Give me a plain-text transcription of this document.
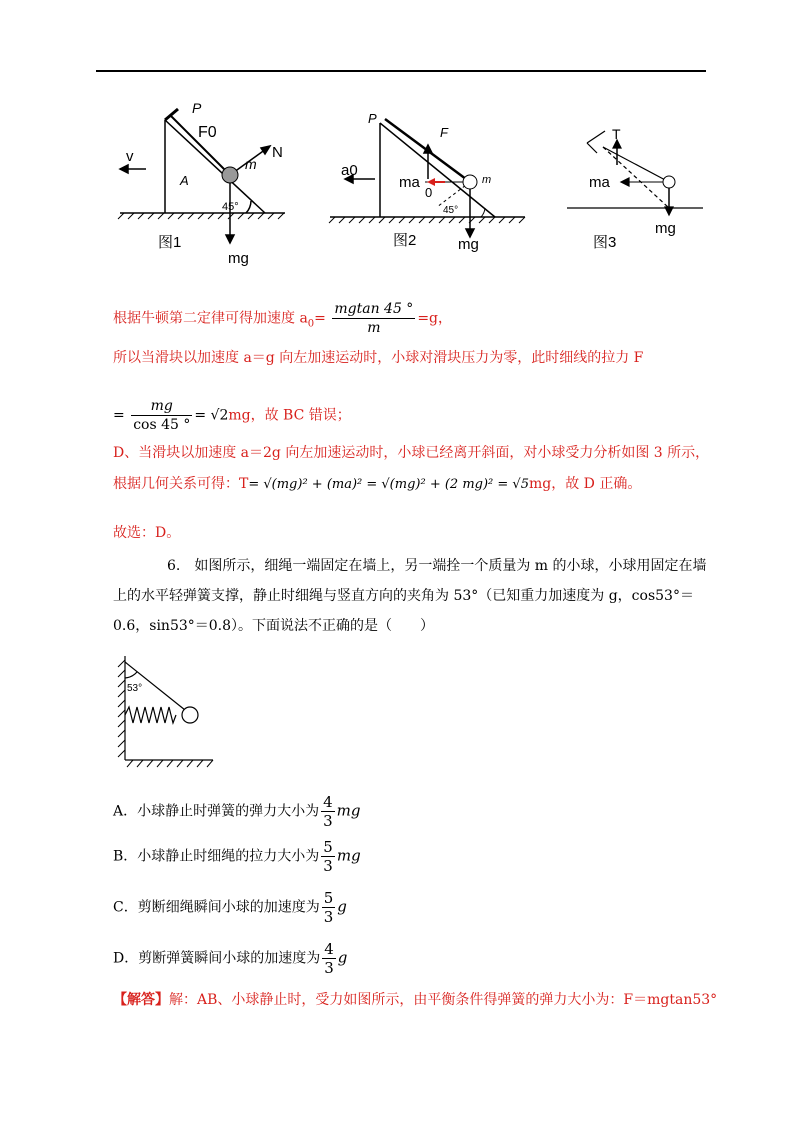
P
F0
m
N
v
A
45°
图1
mg
P
F
a0
ma
0
m
45°
图2	mg
T
ma
图3
mg
根据牛顿第二定律可得加速度 $a_0= \frac{mgtan 45 ^\circ}{m} =g$，
所以当滑块以加速度 a＝g 向左加速运动时，小球对滑块压力为零，此时细线的拉力 F
= $\frac{mg}{\cos 45 ^\circ} = √2mg$，故 BC 错误；
D、当滑块以加速度 a＝2g 向左加速运动时，小球已经离开斜面，对小球受力分析如图 3 所示，
根据几何关系可得：T= √(mg)² + (ma)² = √(mg)² + (2 mg)² = √5mg，故 D 正确。
故选：D。
6.　如图所示，细绳一端固定在墙上，另一端拴一个质量为 m 的小球，小球用固定在墙上的水平轻弹簧支撑，静止时细绳与竖直方向的夹角为 53°（已知重力加速度为 g，cos53°＝0.6，sin53°＝0.8）。下面说法不正确的是（　　）
53°
A．小球静止时弹簧的弹力大小为 $\frac{4}{3}$ mg
B．小球静止时细绳的拉力大小为 $\frac{5}{3}$ mg
C．剪断细绳瞬间小球的加速度为 $\frac{5}{3}$ g
D．剪断弹簧瞬间小球的加速度为 $\frac{4}{3}$ g
【解答】解：AB、小球静止时，受力如图所示，由平衡条件得弹簧的弹力大小为：F＝mgtan53°
